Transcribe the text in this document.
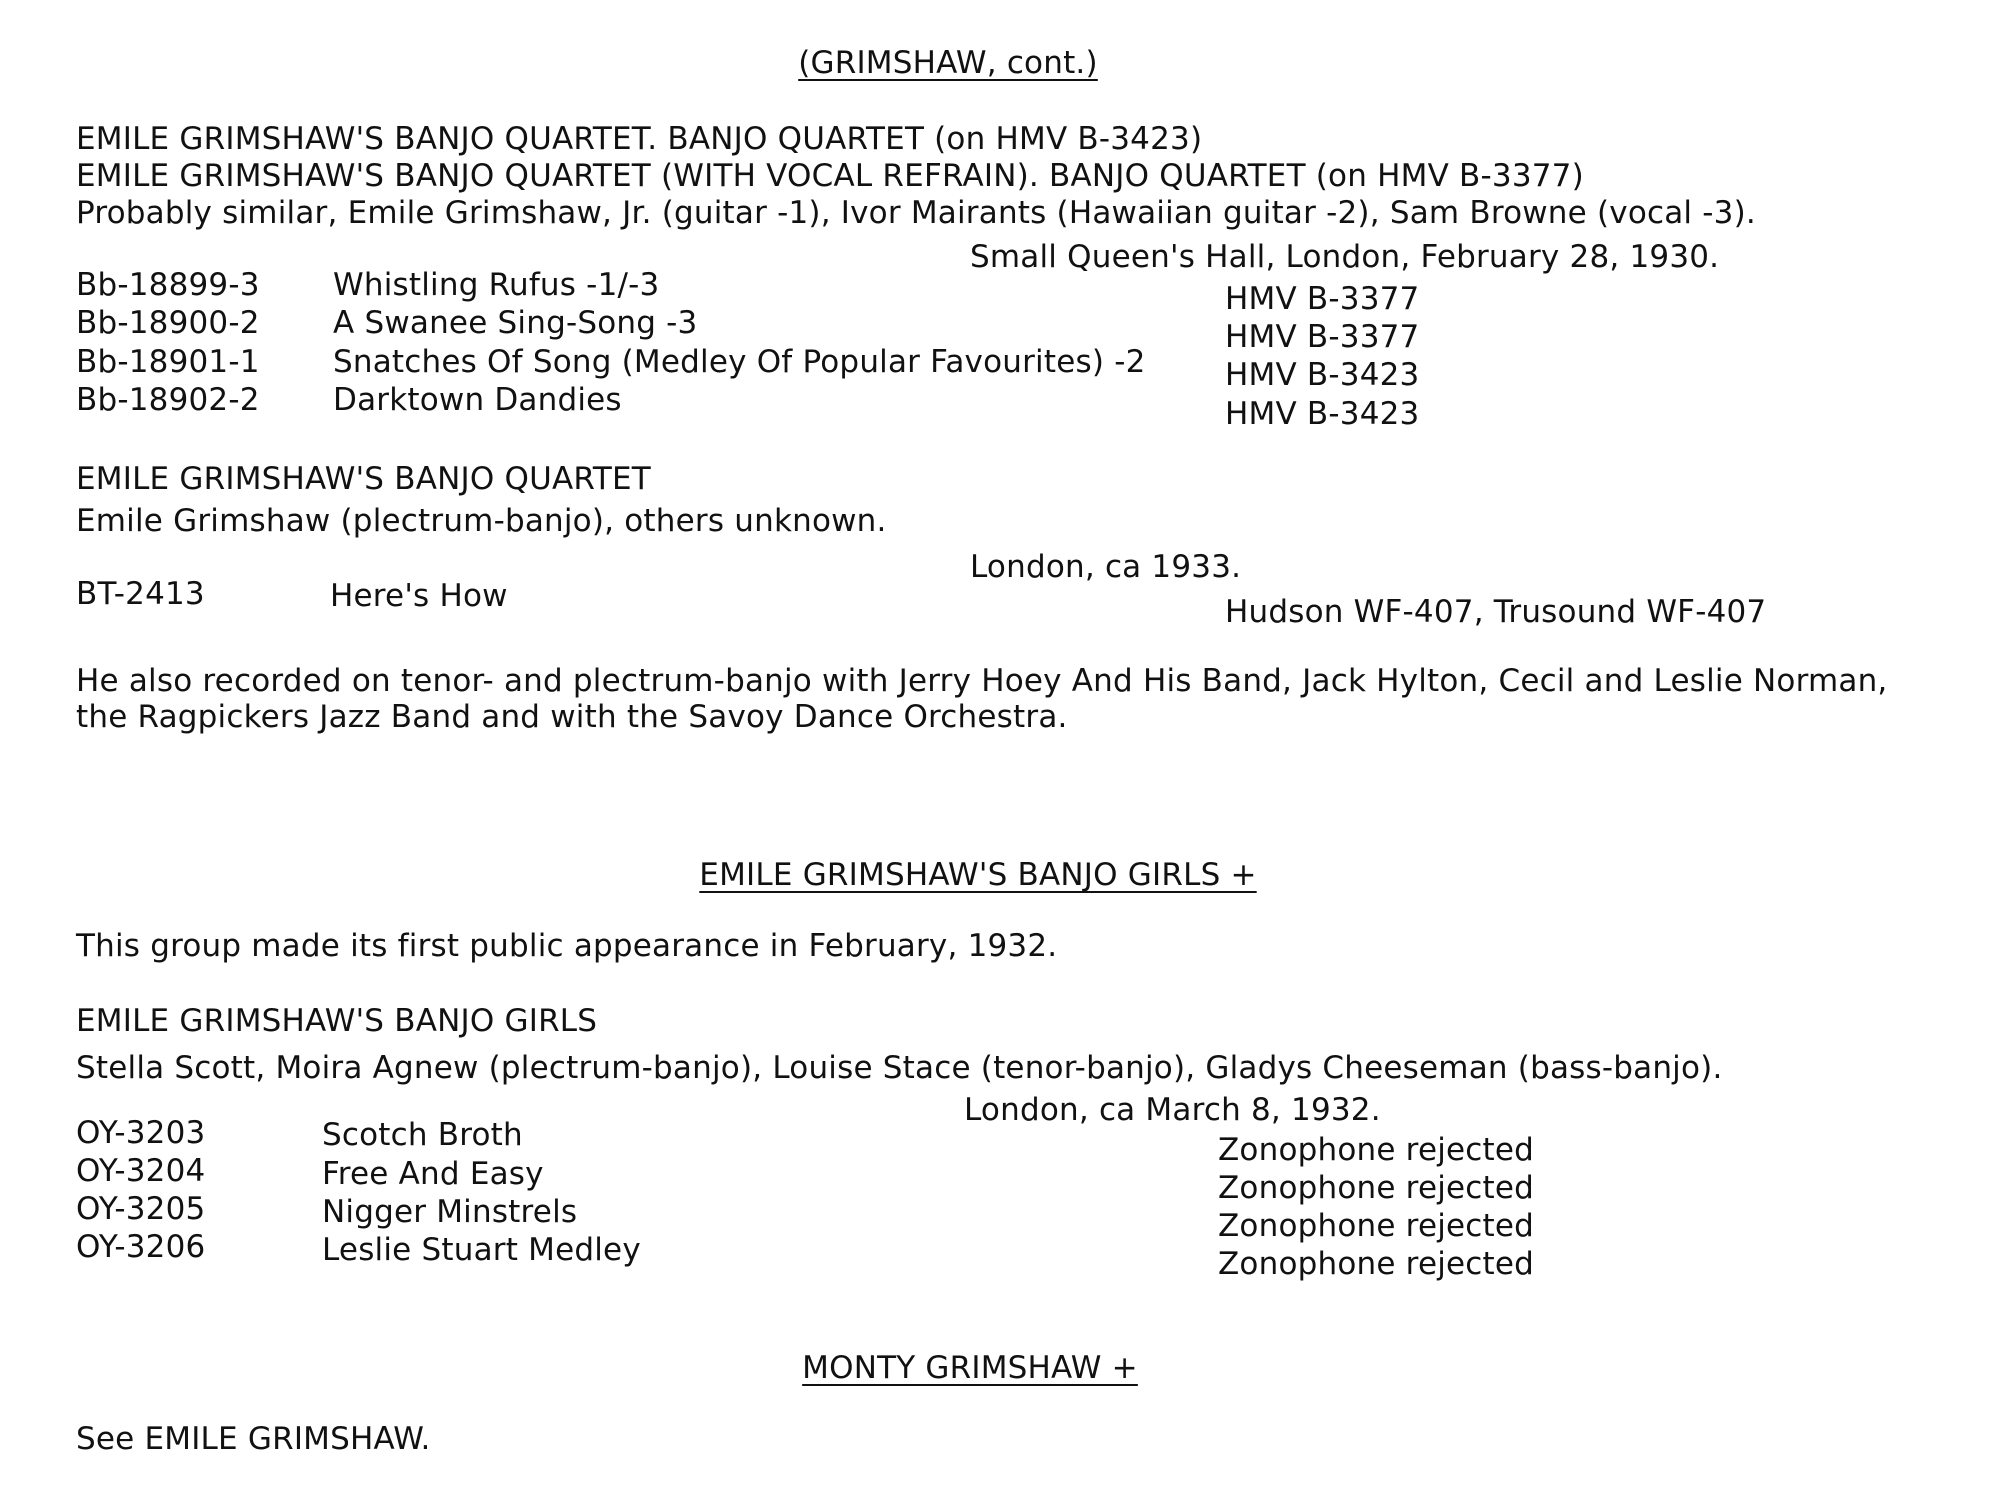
(GRIMSHAW, cont.)
EMILE GRIMSHAW'S BANJO QUARTET. BANJO QUARTET (on HMV B-3423)
EMILE GRIMSHAW'S BANJO QUARTET (WITH VOCAL REFRAIN). BANJO QUARTET (on HMV B-3377)
Probably similar, Emile Grimshaw, Jr. (guitar -1), Ivor Mairants (Hawaiian guitar -2), Sam Browne (vocal -3).
Small Queen's Hall, London, February 28, 1930.
Bb-18899-3 Whistling Rufus -1/-3	HMV B-3377
Bb-18900-2 A Swanee Sing-Song -3	HMV B-3377
Bb-18901-1 Snatches Of Song (Medley Of Popular Favourites) -2	HMV B-3423
Bb-18902-2 Darktown Dandies	HMV B-3423
EMILE GRIMSHAW'S BANJO QUARTET
Emile Grimshaw (plectrum-banjo), others unknown.
London, ca 1933.
BT-2413	Here's How	Hudson WF-407, Trusound WF-407
He also recorded on tenor- and plectrum-banjo with Jerry Hoey And His Band, Jack Hylton, Cecil and Leslie Norman,
the Ragpickers Jazz Band and with the Savoy Dance Orchestra.
EMILE GRIMSHAW'S BANJO GIRLS +
This group made its first public appearance in February, 1932.
EMILE GRIMSHAW'S BANJO GIRLS
Stella Scott, Moira Agnew (plectrum-banjo), Louise Stace (tenor-banjo), Gladys Cheeseman (bass-banjo).
London, ca March 8, 1932.
OY-3203	Scotch Broth	Zonophone rejected
OY-3204	Free And Easy	Zonophone rejected
OY-3205	Nigger Minstrels	Zonophone rejected
OY-3206	Leslie Stuart Medley	Zonophone rejected
MONTY GRIMSHAW +
See EMILE GRIMSHAW.
